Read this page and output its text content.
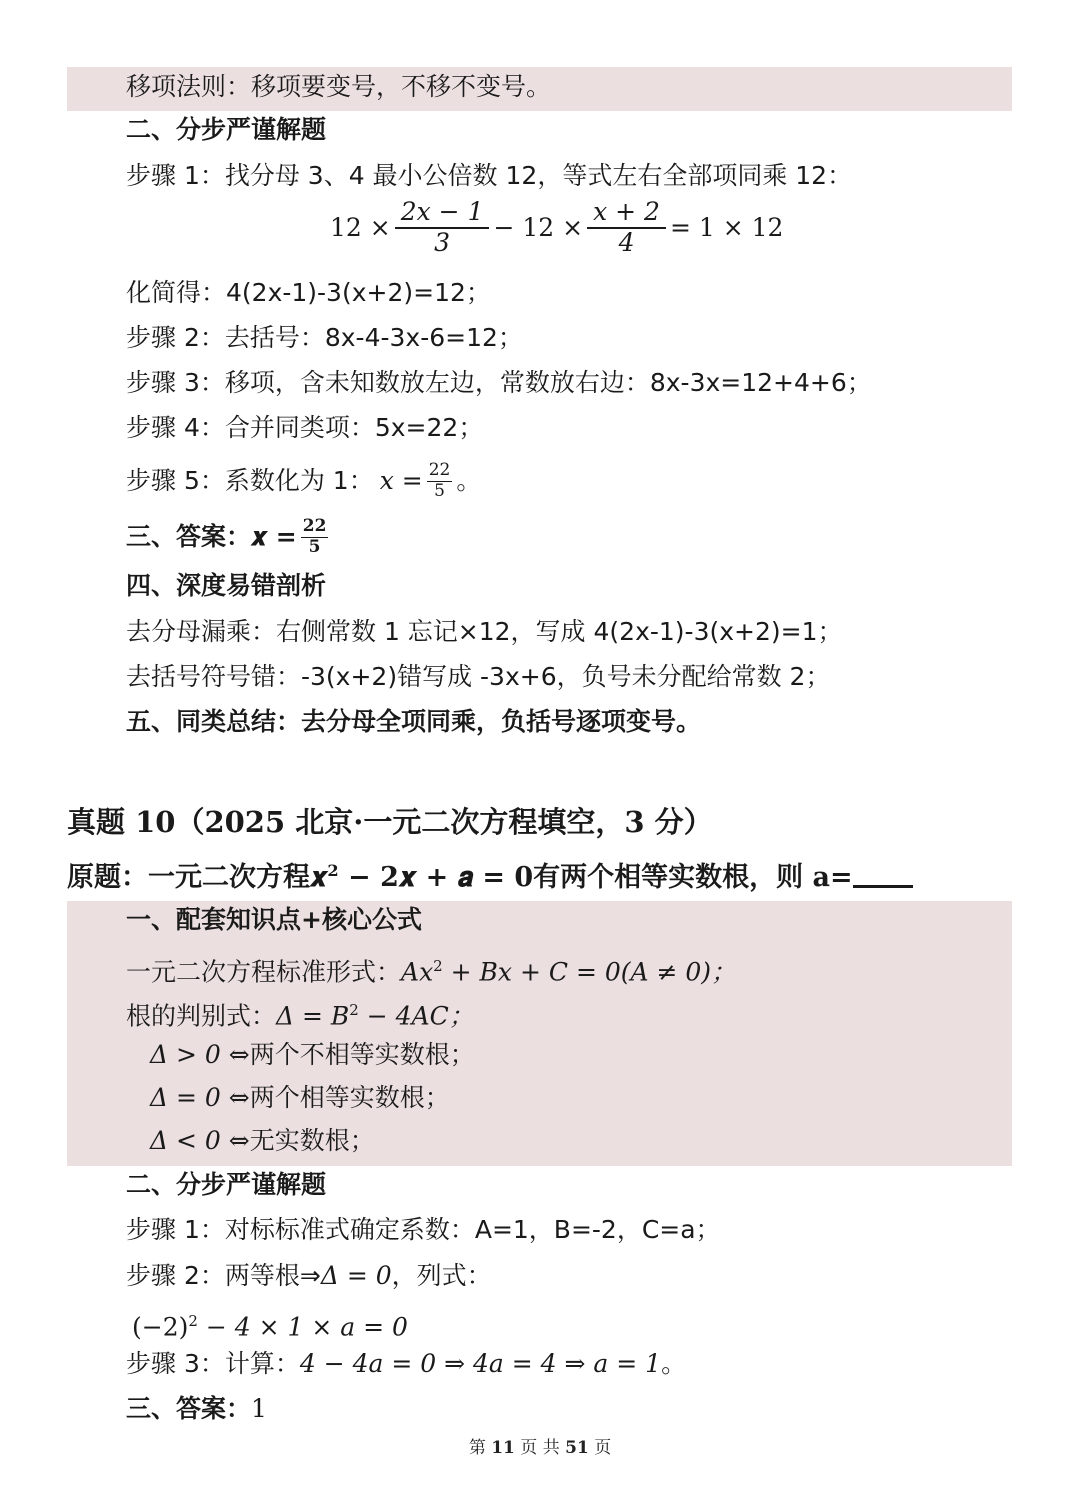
移项法则：移项要变号，不移不变号。
二、分步严谨解题
步骤 1：找分母 3、4 最小公倍数 12，等式左右全部项同乘 12：
$12 \times \frac{\text{2𝑥 − 1}}{3} - 12 \times \frac{\text{𝑥 + 2}}{4} = 1 \times 12$
化简得：4(2x-1)-3(x+2)=12；
步骤 2：去括号：8x-4-3x-6=12；
步骤 3：移项，含未知数放左边，常数放右边：8x-3x=12+4+6；
步骤 4：合并同类项：5x=22；
步骤 5：系数化为 1： 𝑥 = $\frac{22}{5}$ 。
三、答案： 𝒙 = $\frac{22}{5}$
四、深度易错剖析
去分母漏乘：右侧常数 1 忘记×12，写成 4(2x-1)-3(x+2)=1；
去括号符号错：-3(x+2)错写成 -3x+6，负号未分配给常数 2；
五、同类总结：去分母全项同乘，负括号逐项变号。
真题 10（2025 北京·一元二次方程填空，3 分）
原题：一元二次方程𝒙$^2$ − 𝟐𝒙 + 𝒂 = 𝟎有两个相等实数根，则 a=
一、配套知识点+核心公式
一元二次方程标准形式：𝐴𝑥$^2$ + 𝐵𝑥 + 𝐶 = 0(𝐴 ≠ 0)；
根的判别式：𝛥 = 𝐵$^2$ − 4𝐴𝐶；
𝛥 > 0 ⇔两个不相等实数根；
𝛥 = 0 ⇔两个相等实数根；
𝛥 < 0 ⇔无实数根；
二、分步严谨解题
步骤 1：对标标准式确定系数：A=1，B=-2，C=a；
步骤 2：两等根⇒𝛥 = 0，列式：
$(-2)^2 - 4 \times 1$ × 𝑎 = 0
步骤 3：计算：4 − 4𝑎 = 0 ⇒ 4𝑎 = 4 ⇒ 𝑎 = 1。
三、答案：1
第 11 页 共 51 页
